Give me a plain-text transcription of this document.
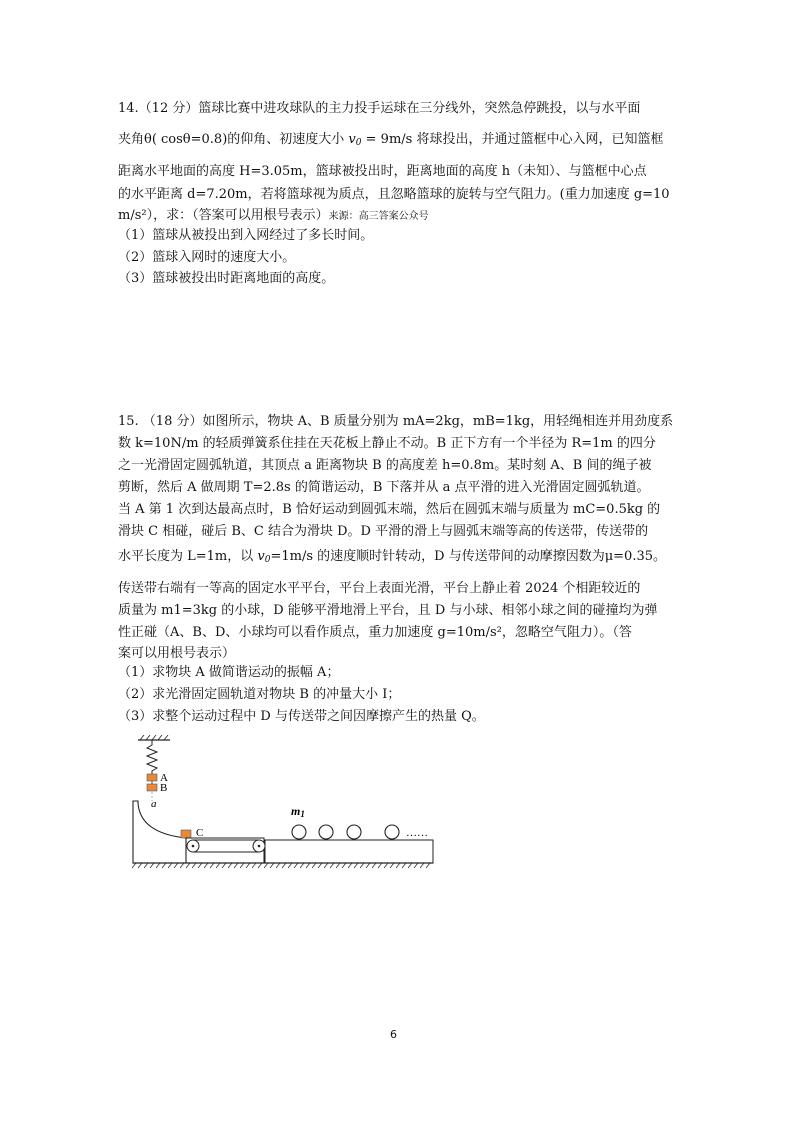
14.（12 分）篮球比赛中进攻球队的主力投手运球在三分线外，突然急停跳投，以与水平面
夹角θ( cosθ=0.8)的仰角、初速度大小 $v_0 = 9m/s$ 将球投出，并通过篮框中心入网，已知篮框
距离水平地面的高度 H=3.05m，篮球被投出时，距离地面的高度 h（未知）、与篮框中心点
的水平距离 d=7.20m，若将篮球视为质点，且忽略篮球的旋转与空气阻力。(重力加速度 g=10
m/s²），求：（答案可以用根号表示）来源：高三答案公众号
（1）篮球从被投出到入网经过了多长时间。
（2）篮球入网时的速度大小。
（3）篮球被投出时距离地面的高度。
15. （18 分）如图所示，物块 A、B 质量分别为 mA=2kg，mB=1kg，用轻绳相连并用劲度系
数 k=10N/m 的轻质弹簧系住挂在天花板上静止不动。B 正下方有一个半径为 R=1m 的四分
之一光滑固定圆弧轨道，其顶点 a 距离物块 B 的高度差 h=0.8m。某时刻 A、B 间的绳子被
剪断，然后 A 做周期 T=2.8s 的简谐运动，B 下落并从 a 点平滑的进入光滑固定圆弧轨道。
当 A 第 1 次到达最高点时，B 恰好运动到圆弧末端，然后在圆弧末端与质量为 mC=0.5kg 的
滑块 C 相碰，碰后 B、C 结合为滑块 D。D 平滑的滑上与圆弧末端等高的传送带，传送带的
水平长度为 L=1m，以 $v_0=1m/s$ 的速度顺时针转动，D 与传送带间的动摩擦因数为μ=0.35。
传送带右端有一等高的固定水平平台，平台上表面光滑，平台上静止着 2024 个相距较近的
质量为 m1=3kg 的小球，D 能够平滑地滑上平台，且 D 与小球、相邻小球之间的碰撞均为弹
性正碰（A、B、D、小球均可以看作质点，重力加速度 g=10m/s²，忽略空气阻力）。（答
案可以用根号表示）
（1）求物块 A 做简谐运动的振幅 A；
（2）求光滑固定圆轨道对物块 B 的冲量大小 I；
（3）求整个运动过程中 D 与传送带之间因摩擦产生的热量 Q。
A
B
a
C	……
m1
6
